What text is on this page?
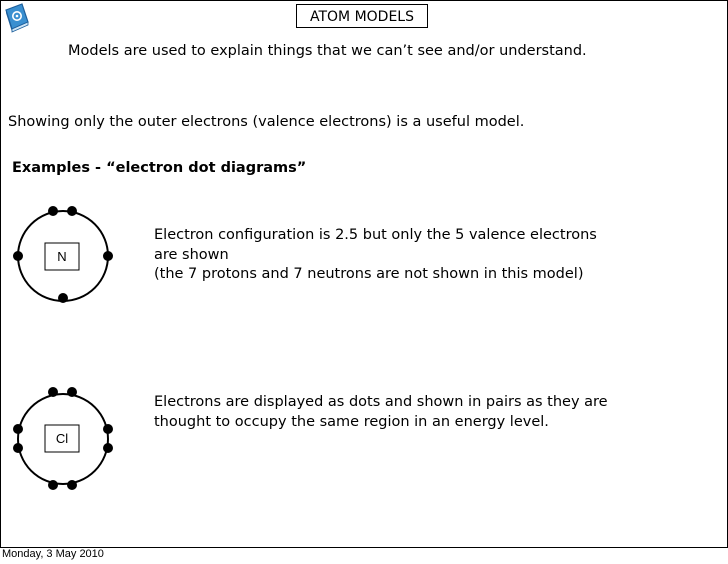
ATOM MODELS
Models are used to explain things that we can’t see and/or understand.
Showing only the outer electrons (valence electrons) is a useful model.
Examples - “electron dot diagrams”
N
Electron configuration is 2.5 but only the 5 valence electrons
are shown
(the 7 protons and 7 neutrons are not shown in this model)
Cl
Electrons are displayed as dots and shown in pairs as they are
thought to occupy the same region in an energy level.
Monday, 3 May 2010
